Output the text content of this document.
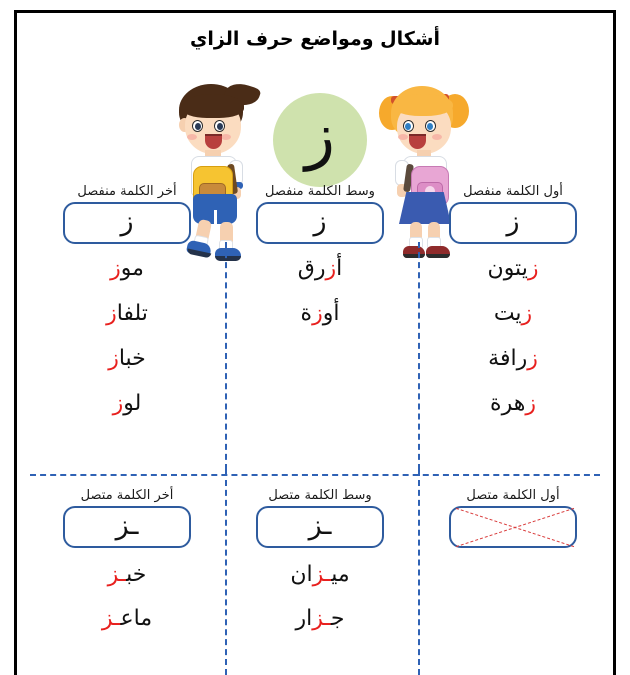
أشكال ومواضع حرف الزاي
ز
أول الكلمة منفصل
ز
زيتون
زيت
زرافة
زهرة
وسط الكلمة منفصل
ز
أزرق
أوزة
أخر الكلمة منفصل
ز
موز
تلفاز
خباز
لوز
أول الكلمة متصل
وسط الكلمة متصل
ـز
ميـزان
جـزار
أخر الكلمة متصل
ـز
خبـز
ماعـز
